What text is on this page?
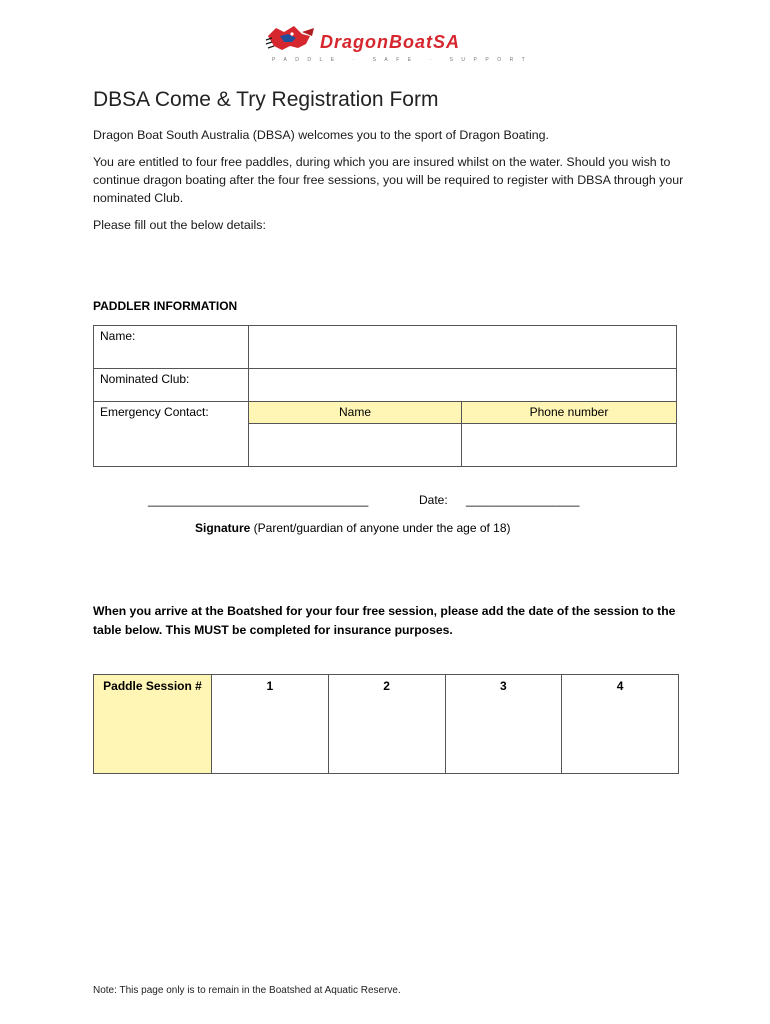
DragonBoatSA
PADDLE · SAFE · SUPPORT
DBSA Come & Try Registration Form
Dragon Boat South Australia (DBSA) welcomes you to the sport of Dragon Boating.
You are entitled to four free paddles, during which you are insured whilst on the water. Should you wish to continue dragon boating after the four free sessions, you will be required to register with DBSA through your nominated Club.
Please fill out the below details:
PADDLER INFORMATION
Name:		
Nominated Club:		
Emergency Contact:	Name	Phone number

_________________________________	Date: _________________
Signature (Parent/guardian of anyone under the age of 18)
When you arrive at the Boatshed for your four free session, please add the date of the session to the table below. This MUST be completed for insurance purposes.
Paddle Session #	1	2	3	4
Note: This page only is to remain in the Boatshed at Aquatic Reserve.
